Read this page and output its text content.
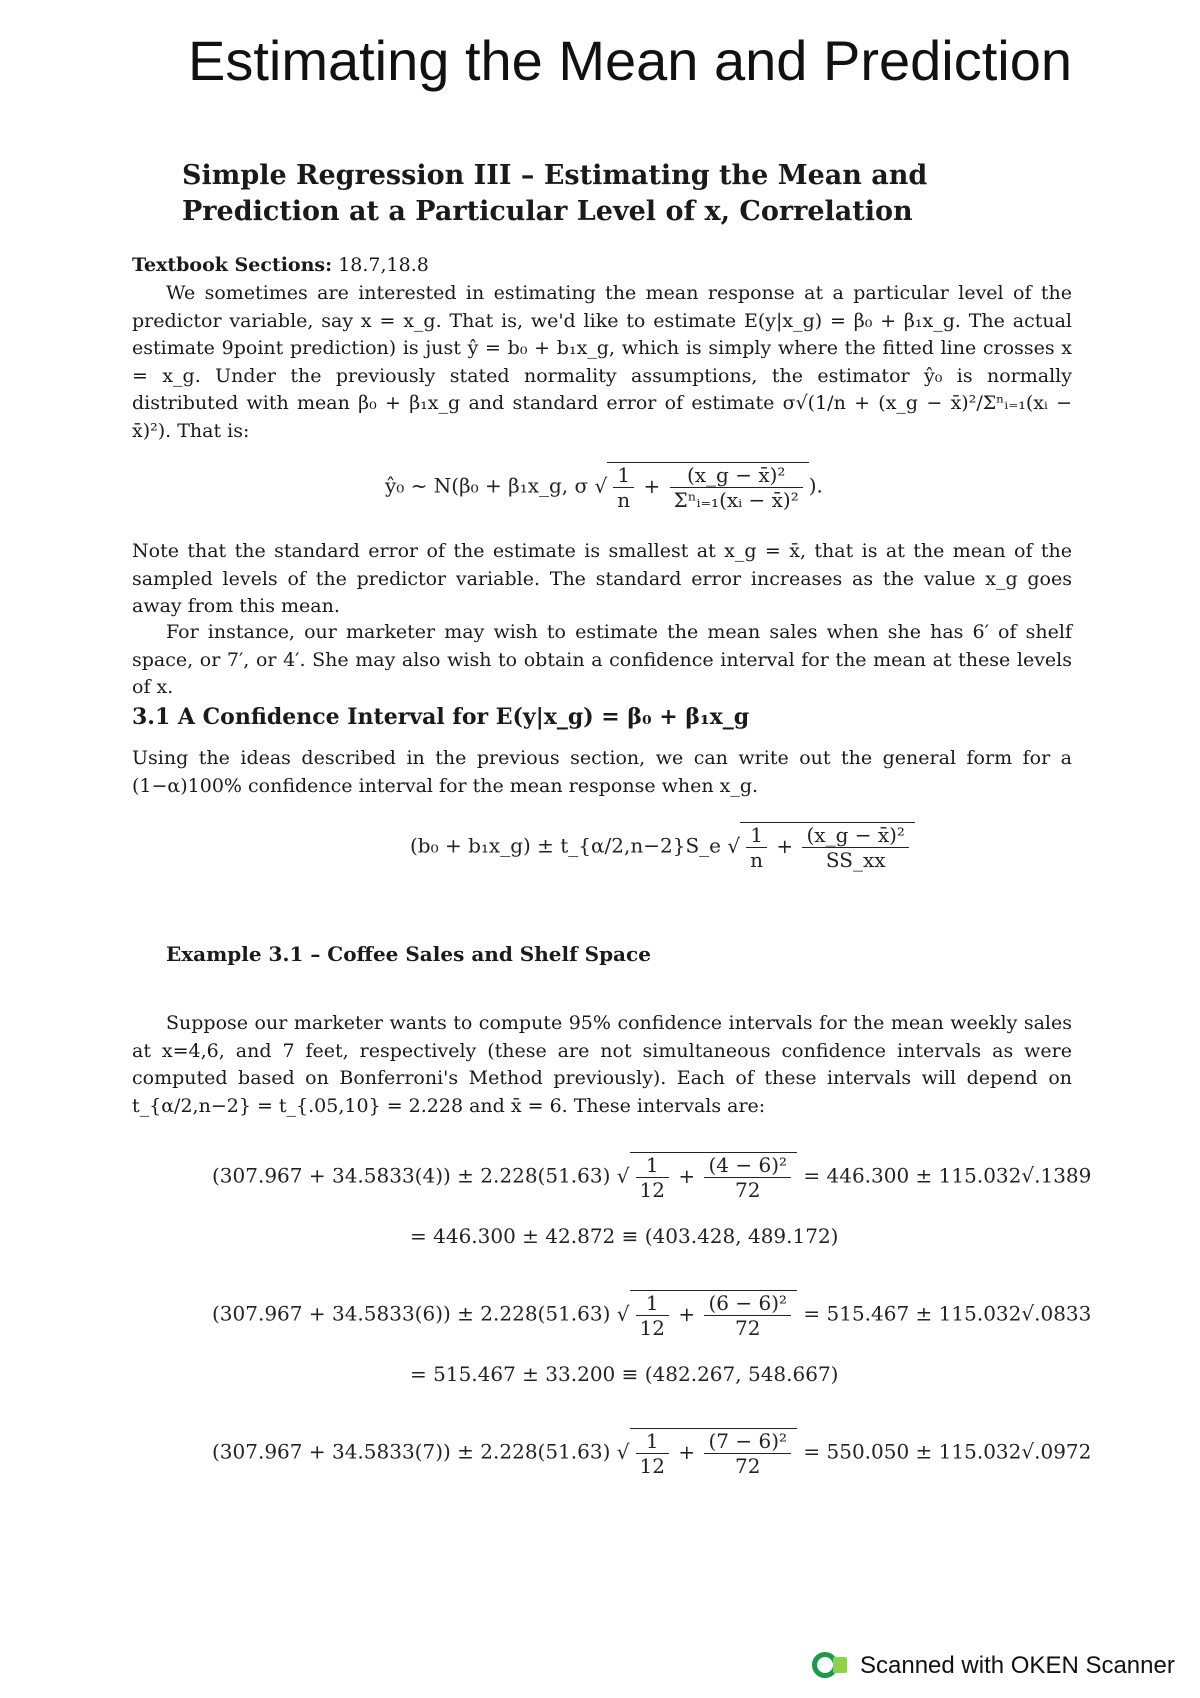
Estimating the Mean and Prediction
Simple Regression III – Estimating the Mean and Prediction at a Particular Level of x, Correlation
Textbook Sections: 18.7,18.8
We sometimes are interested in estimating the mean response at a particular level of the predictor variable, say x = x_g. That is, we'd like to estimate E(y|x_g) = β₀ + β₁x_g. The actual estimate 9point prediction) is just ŷ = b₀ + b₁x_g, which is simply where the fitted line crosses x = x_g. Under the previously stated normality assumptions, the estimator ŷ₀ is normally distributed with mean β₀ + β₁x_g and standard error of estimate σ√(1/n + (x_g − x̄)²/Σⁿᵢ₌₁(xᵢ − x̄)²). That is:
ŷ₀ ~ N(β₀ + β₁x_g, σ √ $\frac{1}{n} + \frac{\text{(x\_g − x̄)²}}{\text{Σⁿᵢ₌₁(xᵢ − x̄)²}}$ ).
Note that the standard error of the estimate is smallest at x_g = x̄, that is at the mean of the sampled levels of the predictor variable. The standard error increases as the value x_g goes away from this mean.
For instance, our marketer may wish to estimate the mean sales when she has 6′ of shelf space, or 7′, or 4′. She may also wish to obtain a confidence interval for the mean at these levels of x.
3.1 A Confidence Interval for E(y|x_g) = β₀ + β₁x_g
Using the ideas described in the previous section, we can write out the general form for a (1−α)100% confidence interval for the mean response when x_g.
(b₀ + b₁x_g) ± t_{α/2,n−2}S_e √ $\frac{1}{n} + \frac{\text{(x\_g − x̄)²}}{SS\_xx}$
Example 3.1 – Coffee Sales and Shelf Space
Suppose our marketer wants to compute 95% confidence intervals for the mean weekly sales at x=4,6, and 7 feet, respectively (these are not simultaneous confidence intervals as were computed based on Bonferroni's Method previously). Each of these intervals will depend on t_{α/2,n−2} = t_{.05,10} = 2.228 and x̄ = 6. These intervals are:
(307.967 + 34.5833(4)) ± 2.228(51.63) √ $\frac{1}{12} + \frac{\text{(4 − 6)²}}{72} = 446.300 \pm 115.032√.1389$
= 446.300 ± 42.872 ≡ (403.428, 489.172)
(307.967 + 34.5833(6)) ± 2.228(51.63) √ $\frac{1}{12} + \frac{\text{(6 − 6)²}}{72} = 515.467 \pm 115.032√.0833$
= 515.467 ± 33.200 ≡ (482.267, 548.667)
(307.967 + 34.5833(7)) ± 2.228(51.63) √ $\frac{1}{12} + \frac{\text{(7 − 6)²}}{72} = 550.050 \pm 115.032√.0972$
Scanned with OKEN Scanner
